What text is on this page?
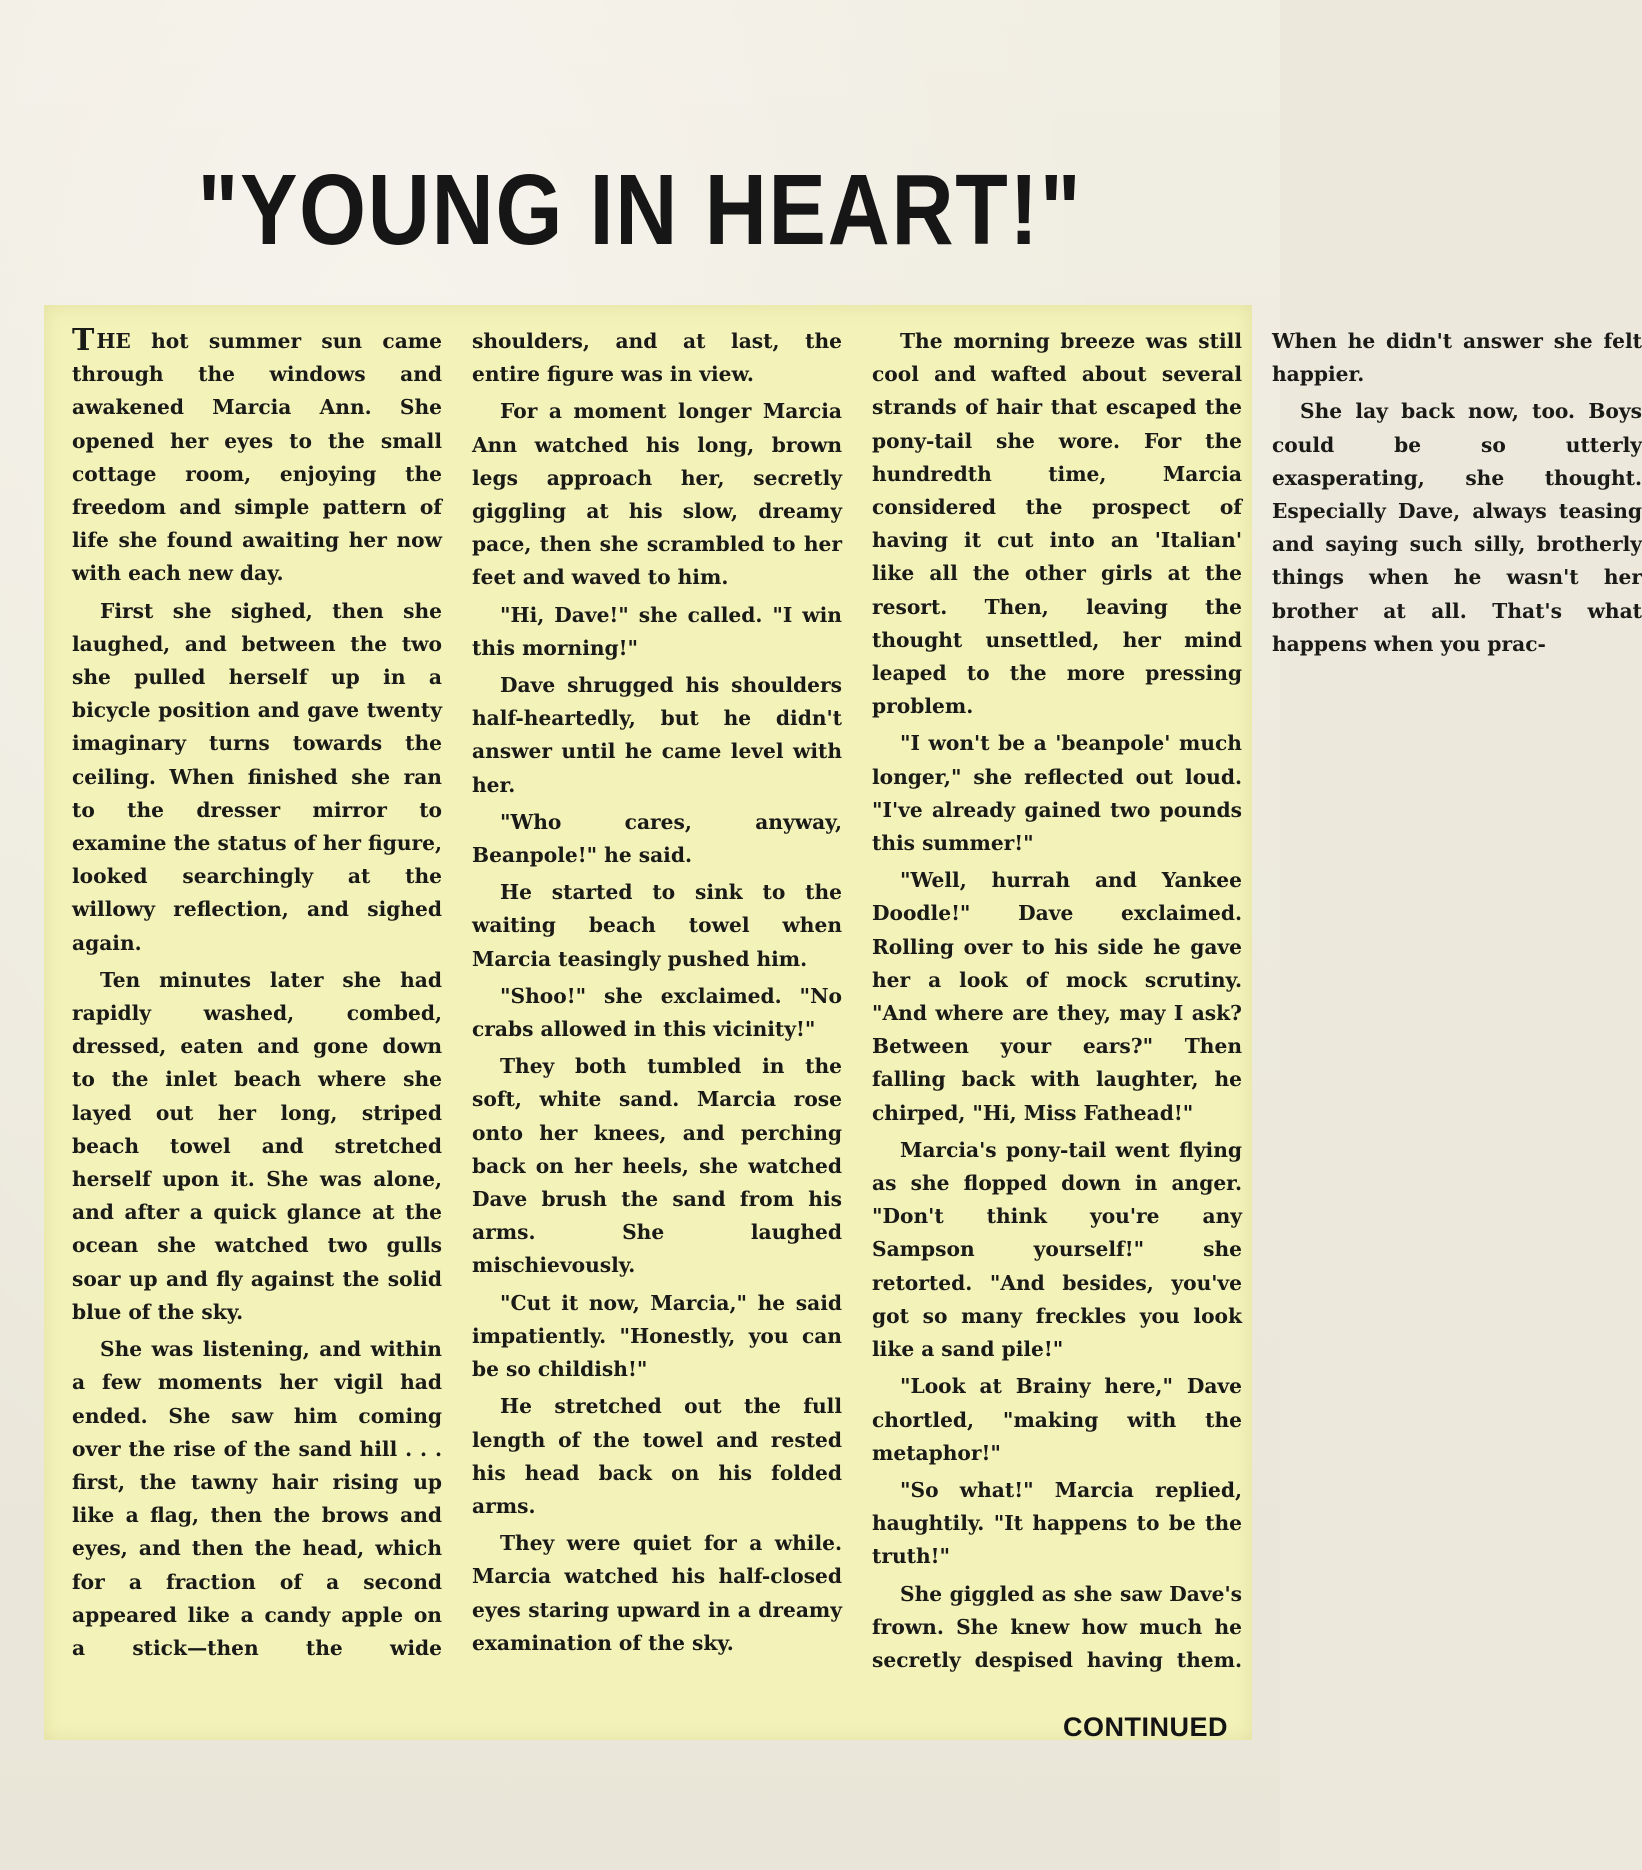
"YOUNG IN HEART!"

T HE hot summer sun came through the windows and awakened Marcia Ann. She opened her eyes to the small cottage room, enjoying the freedom and simple pattern of life she found awaiting her now with each new day.

First she sighed, then she laughed, and between the two she pulled herself up in a bicycle position and gave twenty imaginary turns towards the ceiling. When finished she ran to the dresser mirror to examine the status of her figure, looked searchingly at the willowy reflection, and sighed again.

Ten minutes later she had rapidly washed, combed, dressed, eaten and gone down to the inlet beach where she layed out her long, striped beach towel and stretched herself upon it. She was alone, and after a quick glance at the ocean she watched two gulls soar up and fly against the solid blue of the sky.

She was listening, and within a few moments her vigil had ended. She saw him coming over the rise of the sand hill . . . first, the tawny hair rising up like a flag, then the brows and eyes, and then the head, which for a fraction of a second appeared like a candy apple on a stick—then the wide shoulders, and at last, the entire figure was in view.

For a moment longer Marcia Ann watched his long, brown legs approach her, secretly giggling at his slow, dreamy pace, then she scrambled to her feet and waved to him.

"Hi, Dave!" she called. "I win this morning!"

Dave shrugged his shoulders half-heartedly, but he didn't answer until he came level with her.

"Who cares, anyway, Beanpole!" he said.

He started to sink to the waiting beach towel when Marcia teasingly pushed him.

"Shoo!" she exclaimed. "No crabs allowed in this vicinity!"

They both tumbled in the soft, white sand. Marcia rose onto her knees, and perching back on her heels, she watched Dave brush the sand from his arms. She laughed mischievously.

"Cut it now, Marcia," he said impatiently. "Honestly, you can be so childish!"

He stretched out the full length of the towel and rested his head back on his folded arms.

They were quiet for a while. Marcia watched his half-closed eyes staring upward in a dreamy examination of the sky.

The morning breeze was still cool and wafted about several strands of hair that escaped the pony-tail she wore. For the hundredth time, Marcia considered the prospect of having it cut into an 'Italian' like all the other girls at the resort. Then, leaving the thought unsettled, her mind leaped to the more pressing problem.

"I won't be a 'beanpole' much longer," she reflected out loud. "I've already gained two pounds this summer!"

"Well, hurrah and Yankee Doodle!" Dave exclaimed. Rolling over to his side he gave her a look of mock scrutiny. "And where are they, may I ask? Between your ears?" Then falling back with laughter, he chirped, "Hi, Miss Fathead!"

Marcia's pony-tail went flying as she flopped down in anger. "Don't think you're any Sampson yourself!" she retorted. "And besides, you've got so many freckles you look like a sand pile!"

"Look at Brainy here," Dave chortled, "making with the metaphor!"

"So what!" Marcia replied, haughtily. "It happens to be the truth!"

She giggled as she saw Dave's frown. She knew how much he secretly despised having them. When he didn't answer she felt happier.

She lay back now, too. Boys could be so utterly exasperating, she thought. Especially Dave, always teasing and saying such silly, brotherly things when he wasn't her brother at all. That's what happens when you prac-

CONTINUED
